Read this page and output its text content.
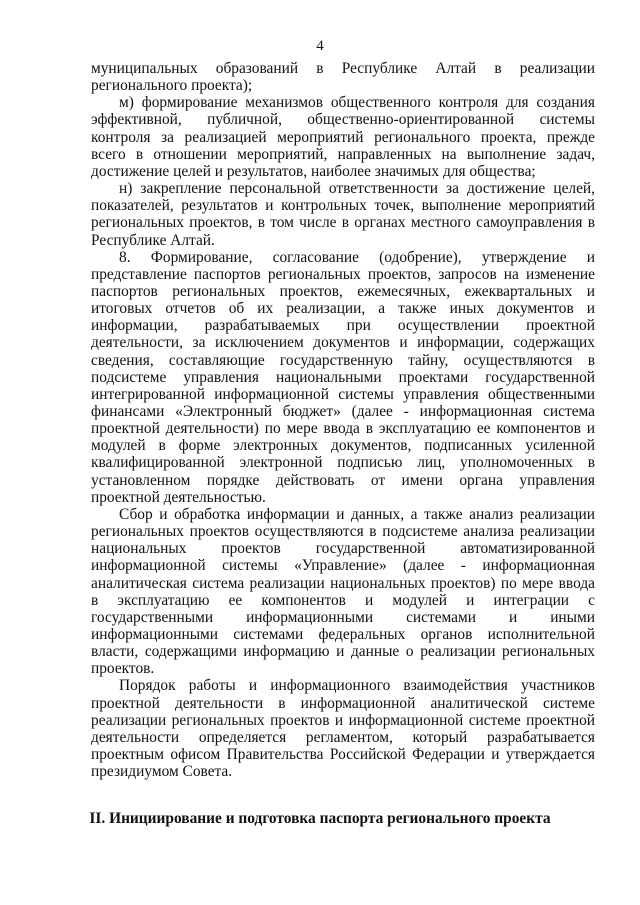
4
муниципальных образований в Республике Алтай в реализации
регионального проекта);
м) формирование механизмов общественного контроля для создания
эффективной, публичной, общественно-ориентированной системы
контроля за реализацией мероприятий регионального проекта, прежде
всего в отношении мероприятий, направленных на выполнение задач,
достижение целей и результатов, наиболее значимых для общества;
н) закрепление персональной ответственности за достижение целей,
показателей, результатов и контрольных точек, выполнение мероприятий
региональных проектов, в том числе в органах местного самоуправления в
Республике Алтай.
8. Формирование, согласование (одобрение), утверждение и
представление паспортов региональных проектов, запросов на изменение
паспортов региональных проектов, ежемесячных, ежеквартальных и
итоговых отчетов об их реализации, а также иных документов и
информации, разрабатываемых при осуществлении проектной
деятельности, за исключением документов и информации, содержащих
сведения, составляющие государственную тайну, осуществляются в
подсистеме управления национальными проектами государственной
интегрированной информационной системы управления общественными
финансами «Электронный бюджет» (далее - информационная система
проектной деятельности) по мере ввода в эксплуатацию ее компонентов и
модулей в форме электронных документов, подписанных усиленной
квалифицированной электронной подписью лиц, уполномоченных в
установленном порядке действовать от имени органа управления
проектной деятельностью.
Сбор и обработка информации и данных, а также анализ реализации
региональных проектов осуществляются в подсистеме анализа реализации
национальных проектов государственной автоматизированной
информационной системы «Управление» (далее - информационная
аналитическая система реализации национальных проектов) по мере ввода
в эксплуатацию ее компонентов и модулей и интеграции с
государственными информационными системами и иными
информационными системами федеральных органов исполнительной
власти, содержащими информацию и данные о реализации региональных
проектов.
Порядок работы и информационного взаимодействия участников
проектной деятельности в информационной аналитической системе
реализации региональных проектов и информационной системе проектной
деятельности определяется регламентом, который разрабатывается
проектным офисом Правительства Российской Федерации и утверждается
президиумом Совета.
II. Инициирование и подготовка паспорта регионального проекта
